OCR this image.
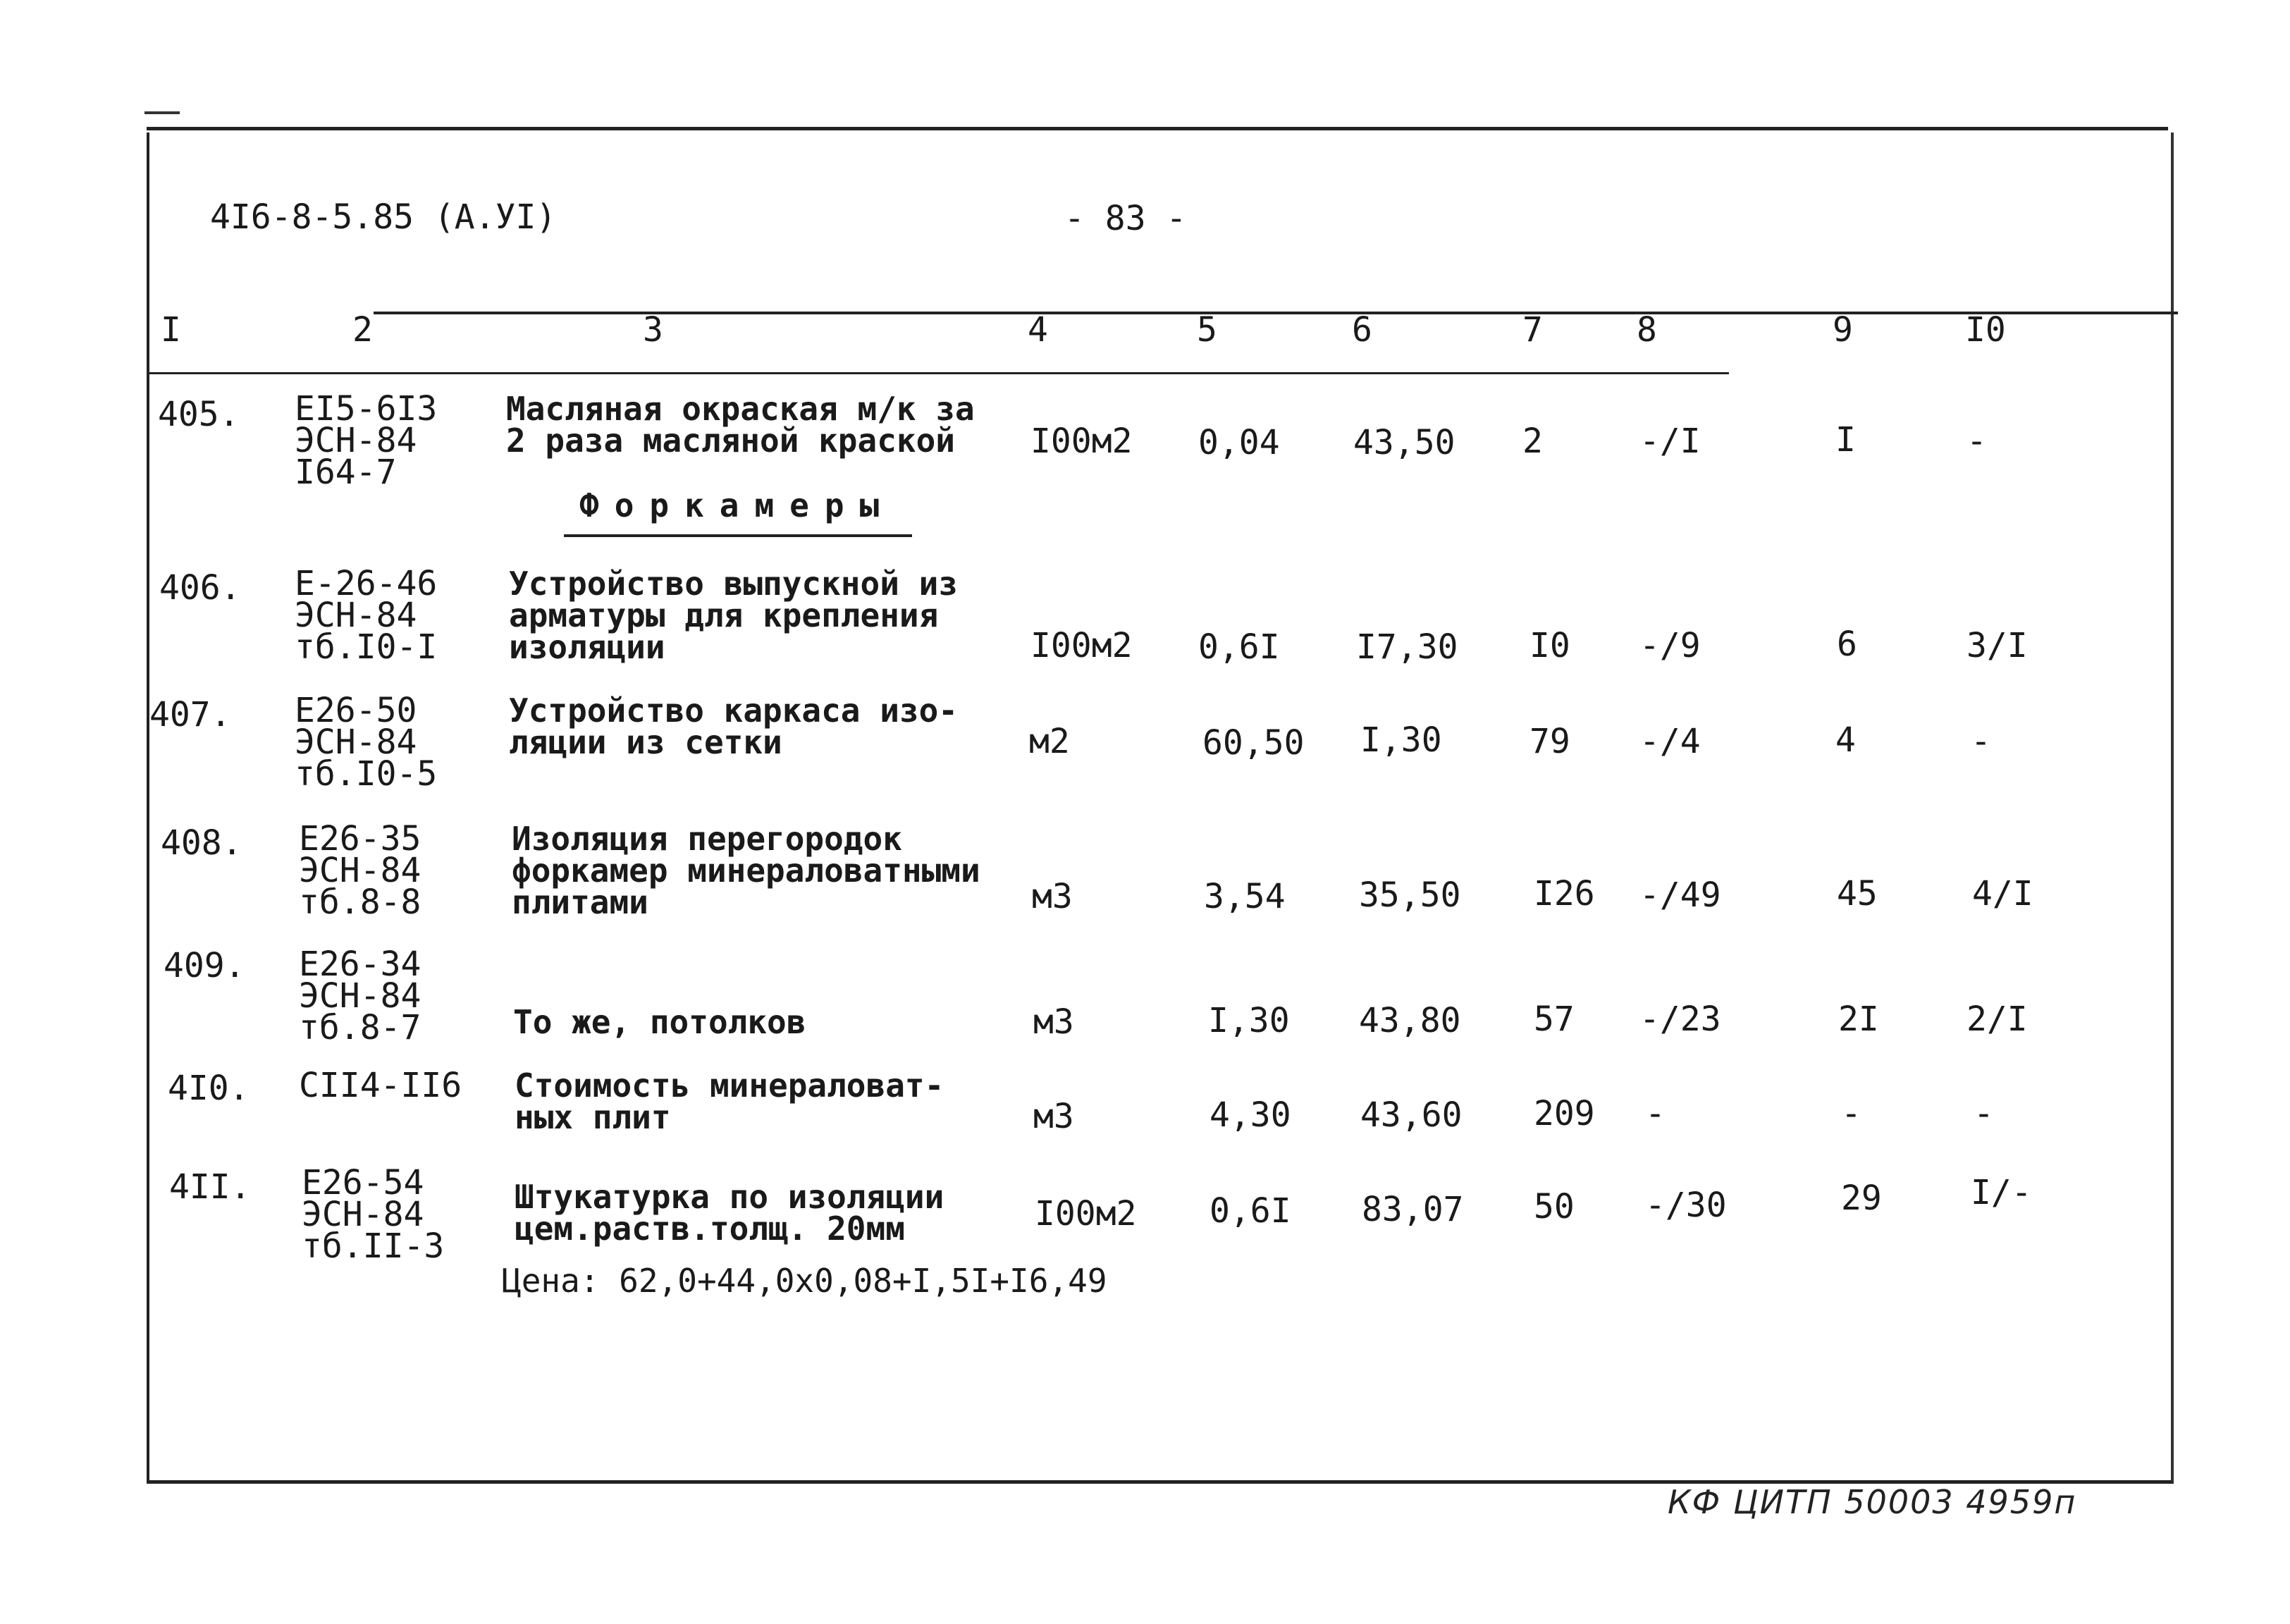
4I6-8-5.85 (А.УI)	- 83 -
I	2	3	4	5	6	7	8	9	I0
405. EI5-6I3
ЭСН-84
I64-7
Масляная окраская м/к за
2 раза масляной краской	I00м2 0,04 43,50 2	-/I	I	-
Форкамеры
406. Е-26-46
ЭСН-84
тб.I0-I
Устройство выпускной из
арматуры для крепления
изоляции	I00м2 0,6I I7,30 I0 -/9	6	3/I
407. Е26-50
ЭСН-84
тб.I0-5
Устройство каркаса изо-
ляции из сетки	м2	60,50 I,30	79 -/4	4	-
408. Е26-35
ЭСН-84
тб.8-8
Изоляция перегородок
форкамер минераловатными
плитами	м3	3,54 35,50 I26 -/49	45	4/I
409. Е26-34
ЭСН-84
тб.8-7	То же, потолков	м3	I,30 43,80 57 -/23	2I	2/I
4I0. СII4-II6 Стоимость минераловат-
ных плит	м3	4,30 43,60 209 -	-	-
4II. Е26-54
ЭСН-84
тб.II-3
Штукатурка по изоляции
цем.раств.толщ. 20мм	I00м2 0,6I 83,07 50 -/30	29	I/-
Цена: 62,0+44,0х0,08+I,5I+I6,49
КФ ЦИТП 50003 4959п
